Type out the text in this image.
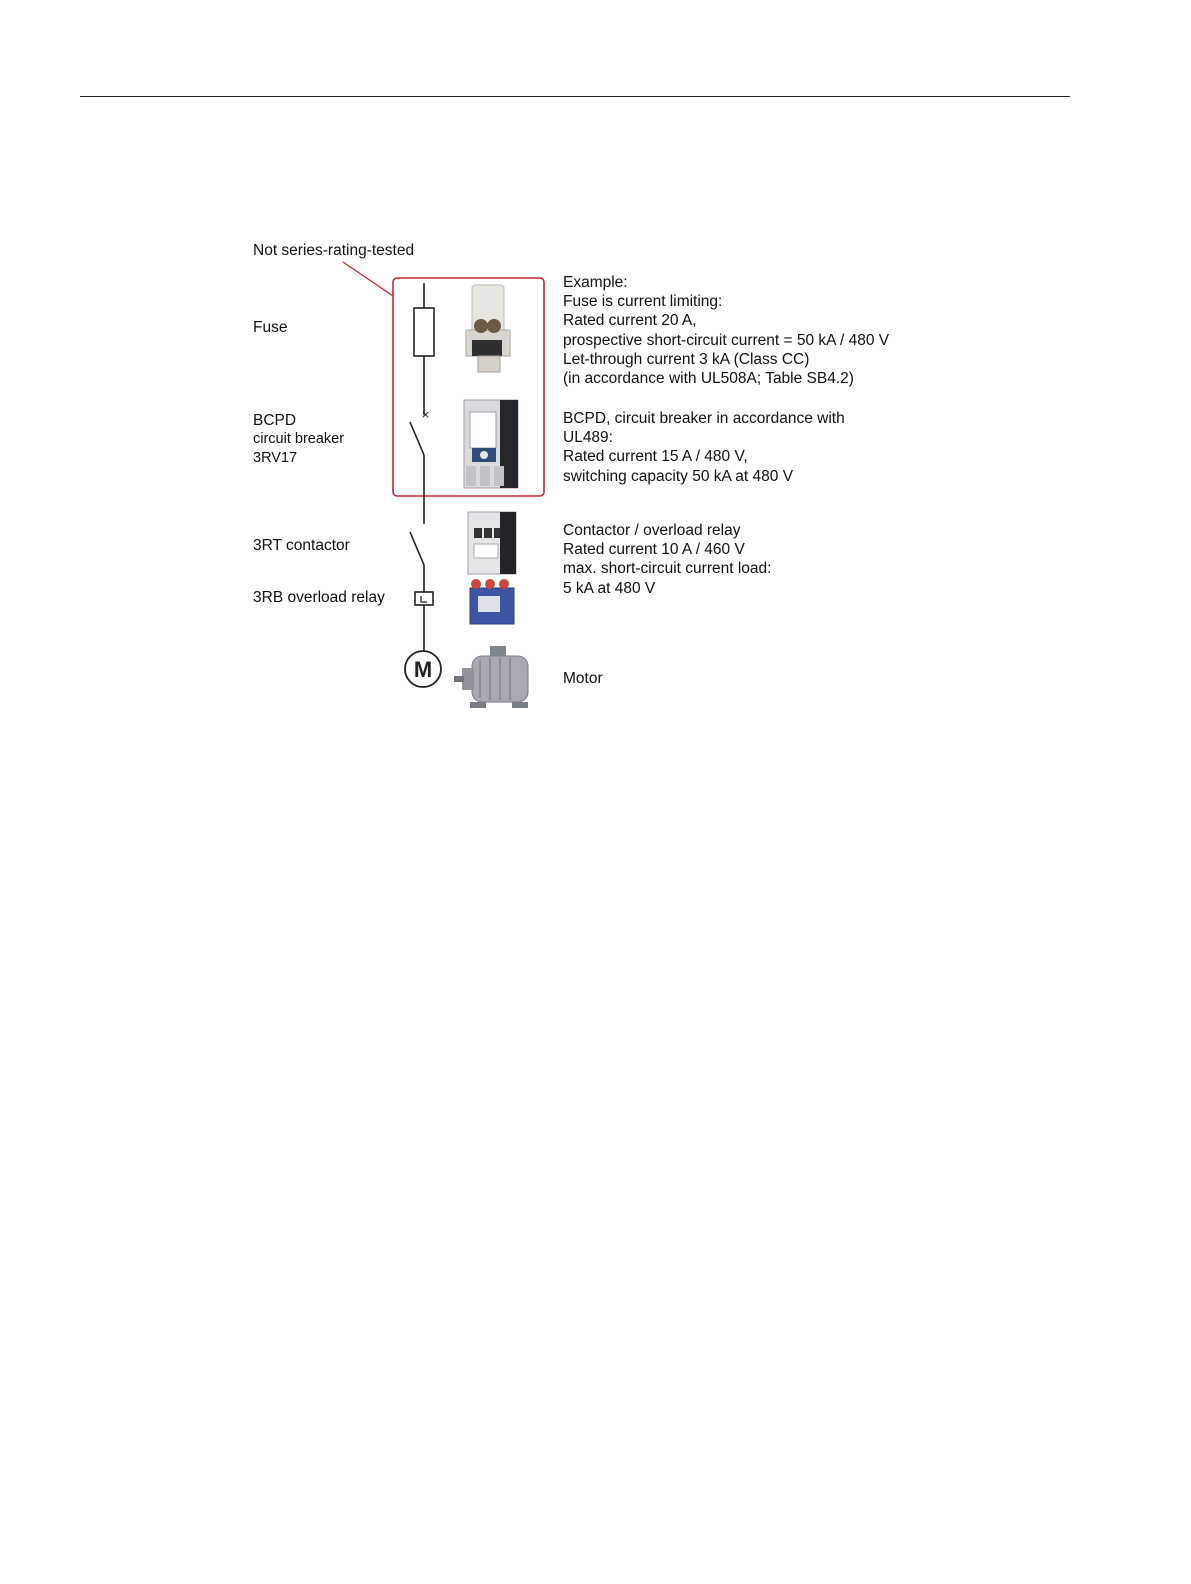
Not series-rating-tested
Fuse
BCPD
circuit breaker
3RV17
3RT contactor
3RB overload relay
Example:
Fuse is current limiting:
Rated current 20 A,
prospective short-circuit current = 50 kA / 480 V
Let-through current 3 kA (Class CC)
(in accordance with UL508A; Table SB4.2)
BCPD, circuit breaker in accordance with
UL489:
Rated current 15 A / 480 V,
switching capacity 50 kA at 480 V
Contactor / overload relay
Rated current 10 A / 460 V
max. short-circuit current load:
5 kA at 480 V
Motor
×
M
